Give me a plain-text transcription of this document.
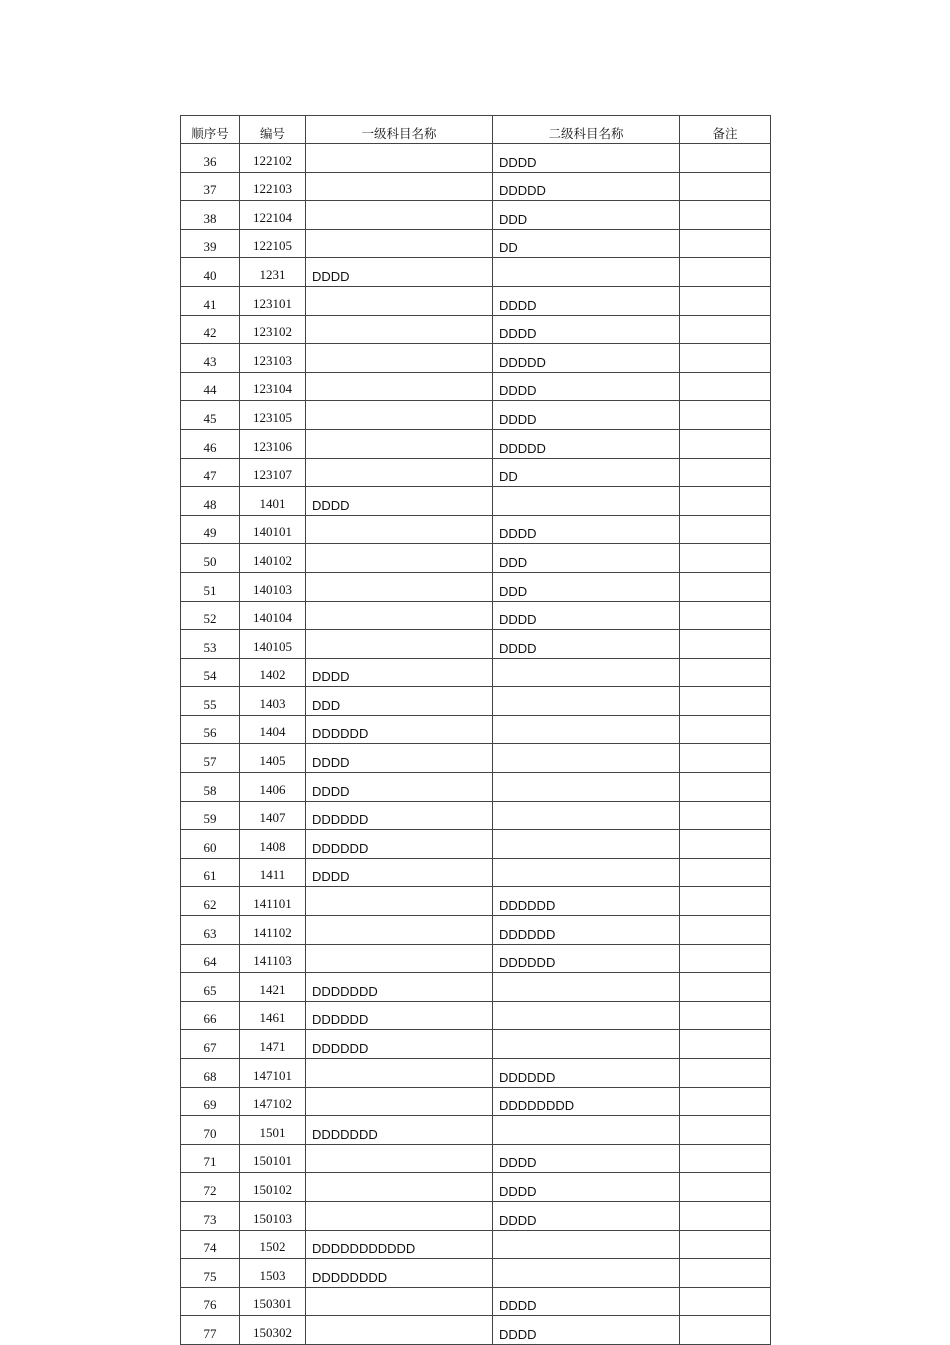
顺序号	编号	一级科目名称	二级科目名称	备注
36	122102		DDDD	
37	122103		DDDDD	
38	122104		DDD	
39	122105		DD	
40	1231	DDDD		
41	123101		DDDD	
42	123102		DDDD	
43	123103		DDDDD	
44	123104		DDDD	
45	123105		DDDD	
46	123106		DDDDD	
47	123107		DD	
48	1401	DDDD		
49	140101		DDDD	
50	140102		DDD	
51	140103		DDD	
52	140104		DDDD	
53	140105		DDDD	
54	1402	DDDD		
55	1403	DDD		
56	1404	DDDDDD		
57	1405	DDDD		
58	1406	DDDD		
59	1407	DDDDDD		
60	1408	DDDDDD		
61	1411	DDDD		
62	141101		DDDDDD	
63	141102		DDDDDD	
64	141103		DDDDDD	
65	1421	DDDDDDD		
66	1461	DDDDDD		
67	1471	DDDDDD		
68	147101		DDDDDD	
69	147102		DDDDDDDD	
70	1501	DDDDDDD		
71	150101		DDDD	
72	150102		DDDD	
73	150103		DDDD	
74	1502	DDDDDDDDDDD		
75	1503	DDDDDDDD		
76	150301		DDDD	
77	150302		DDDD	
